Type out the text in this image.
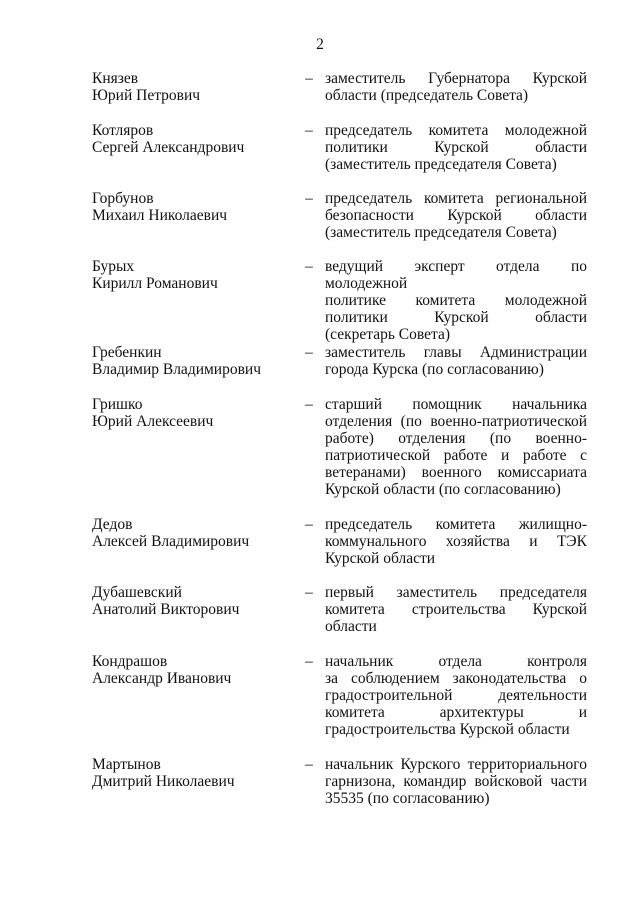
2
Князев
Юрий Петрович
– заместитель Губернатора Курской
области (председатель Совета)
Котляров
Сергей Александрович
– председатель комитета молодежной
политики Курской области
(заместитель председателя Совета)
Горбунов
Михаил Николаевич
– председатель комитета региональной
безопасности Курской области
(заместитель председателя Совета)
Бурых
Кирилл Романович
– ведущий эксперт отдела по молодежной
политике комитета молодежной
политики Курской области
(секретарь Совета)
Гребенкин
Владимир Владимирович
– заместитель главы Администрации
города Курска (по согласованию)
Гришко
Юрий Алексеевич
– старший помощник начальника
отделения (по военно-патриотической
работе) отделения (по военно-
патриотической работе и работе с
ветеранами) военного комиссариата
Курской области (по согласованию)
Дедов
Алексей Владимирович
– председатель комитета жилищно-
коммунального хозяйства и ТЭК
Курской области
Дубашевский
Анатолий Викторович
– первый заместитель председателя
комитета строительства Курской
области
Кондрашов
Александр Иванович
– начальник отдела контроля
за соблюдением законодательства о
градостроительной деятельности
комитета архитектуры и
градостроительства Курской области
Мартынов
Дмитрий Николаевич
– начальник Курского территориального
гарнизона, командир войсковой части
35535 (по согласованию)
